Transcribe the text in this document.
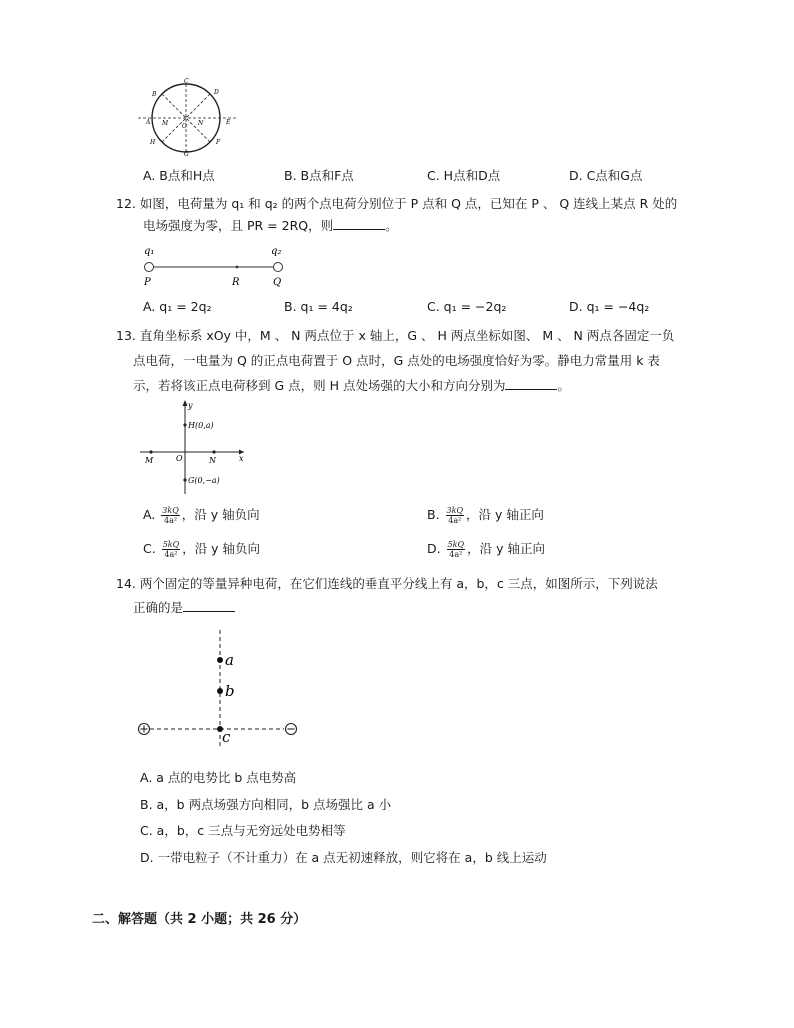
C
B	D
A M O N	E
H	F
G
A. B点和H点	B. B点和F点	C. H点和D点	D. C点和G点
12. 如图，电荷量为 q₁ 和 q₂ 的两个点电荷分别位于 P 点和 Q 点，已知在 P 、 Q 连线上某点 R 处的
电场强度为零，且 PR = 2RQ，则	。
q₁	q₂
P	R	Q
A. q₁ = 2q₂	B. q₁ = 4q₂	C. q₁ = −2q₂	D. q₁ = −4q₂
13. 直角坐标系 xOy 中，M 、 N 两点位于 x 轴上，G 、 H 两点坐标如图、 M 、 N 两点各固定一负
点电荷，一电量为 Q 的正点电荷置于 O 点时，G 点处的电场强度恰好为零。静电力常量用 k 表
示，若将该正点电荷移到 G 点，则 H 点处场强的大小和方向分别为	。
y
x
H(0,a)
G(0,−a)
M	O	N
A. $\frac{3kQ}{\text{4a²}}$ ，沿 y 轴负向	B. $\frac{3kQ}{\text{4a²}}$ ，沿 y 轴正向
C. $\frac{5kQ}{\text{4a²}}$ ，沿 y 轴负向	D. $\frac{5kQ}{\text{4a²}}$ ，沿 y 轴正向
14. 两个固定的等量异种电荷，在它们连线的垂直平分线上有 a，b，c 三点，如图所示，下列说法
正确的是
a
b
c
A. a 点的电势比 b 点电势高
B. a，b 两点场强方向相同，b 点场强比 a 小
C. a，b，c 三点与无穷远处电势相等
D. 一带电粒子（不计重力）在 a 点无初速释放，则它将在 a，b 线上运动
二、解答题（共 2 小题；共 26 分）
